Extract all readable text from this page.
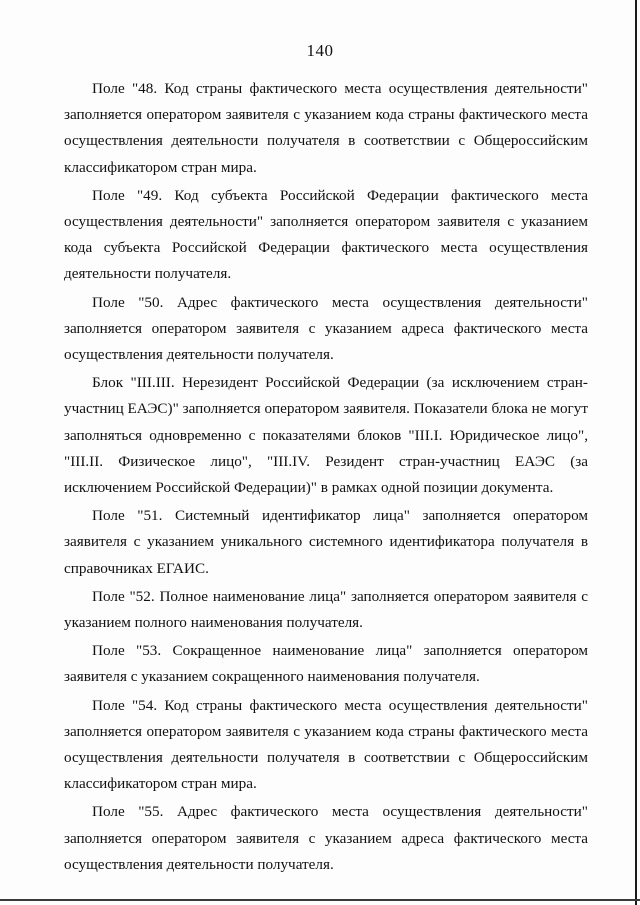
140

Поле "48. Код страны фактического места осуществления деятельности" заполняется оператором заявителя с указанием кода страны фактического места осуществления деятельности получателя в соответствии с Общероссийским классификатором стран мира.

Поле "49. Код субъекта Российской Федерации фактического места осуществления деятельности" заполняется оператором заявителя с указанием кода субъекта Российской Федерации фактического места осуществления деятельности получателя.

Поле "50. Адрес фактического места осуществления деятельности" заполняется оператором заявителя с указанием адреса фактического места осуществления деятельности получателя.

Блок "III.III. Нерезидент Российской Федерации (за исключением стран-участниц ЕАЭС)" заполняется оператором заявителя. Показатели блока не могут заполняться одновременно с показателями блоков "III.I. Юридическое лицо", "III.II. Физическое лицо", "III.IV. Резидент стран-участниц ЕАЭС (за исключением Российской Федерации)" в рамках одной позиции документа.

Поле "51. Системный идентификатор лица" заполняется оператором заявителя с указанием уникального системного идентификатора получателя в справочниках ЕГАИС.

Поле "52. Полное наименование лица" заполняется оператором заявителя с указанием полного наименования получателя.

Поле "53. Сокращенное наименование лица" заполняется оператором заявителя с указанием сокращенного наименования получателя.

Поле "54. Код страны фактического места осуществления деятельности" заполняется оператором заявителя с указанием кода страны фактического места осуществления деятельности получателя в соответствии с Общероссийским классификатором стран мира.

Поле "55. Адрес фактического места осуществления деятельности" заполняется оператором заявителя с указанием адреса фактического места осуществления деятельности получателя.
